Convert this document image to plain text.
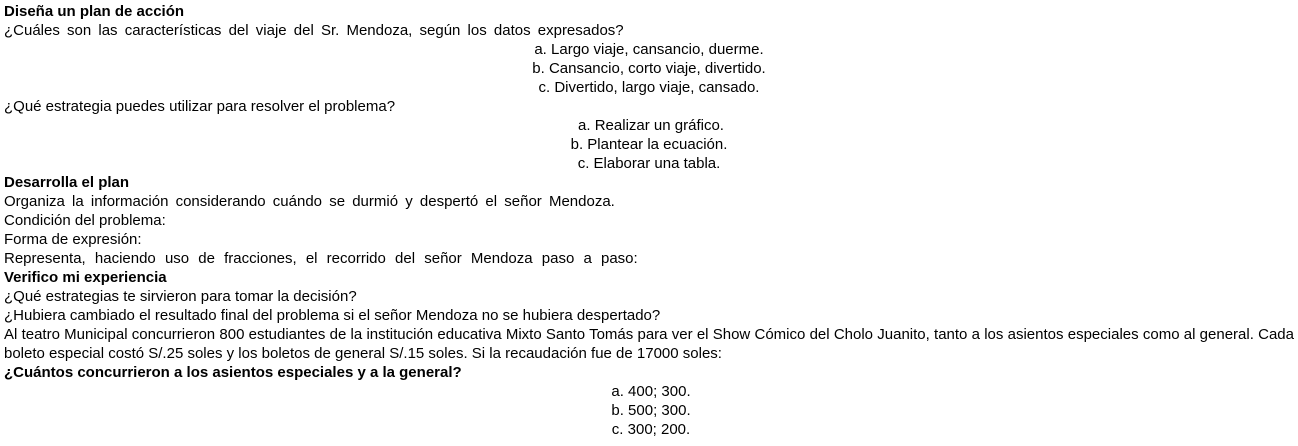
Diseña un plan de acción
¿Cuáles son las características del viaje del Sr. Mendoza, según los datos expresados?
a. Largo viaje, cansancio, duerme.
b. Cansancio, corto viaje, divertido.
c. Divertido, largo viaje, cansado.
¿Qué estrategia puedes utilizar para resolver el problema?
a. Realizar un gráfico.
b. Plantear la ecuación.
c. Elaborar una tabla.
Desarrolla el plan
Organiza la información considerando cuándo se durmió y despertó el señor Mendoza.
Condición del problema:
Forma de expresión:
Representa, haciendo uso de fracciones, el recorrido del señor Mendoza paso a paso:
Verifico mi experiencia
¿Qué estrategias te sirvieron para tomar la decisión?
¿Hubiera cambiado el resultado final del problema si el señor Mendoza no se hubiera despertado?
Al teatro Municipal concurrieron 800 estudiantes de la institución educativa Mixto Santo Tomás para ver el Show Cómico del Cholo Juanito, tanto a los asientos especiales como al general. Cada boleto especial costó S/.25 soles y los boletos de general S/.15 soles. Si la recaudación fue de 17000 soles:
¿Cuántos concurrieron a los asientos especiales y a la general?
a. 400; 300.
b. 500; 300.
c. 300; 200.
